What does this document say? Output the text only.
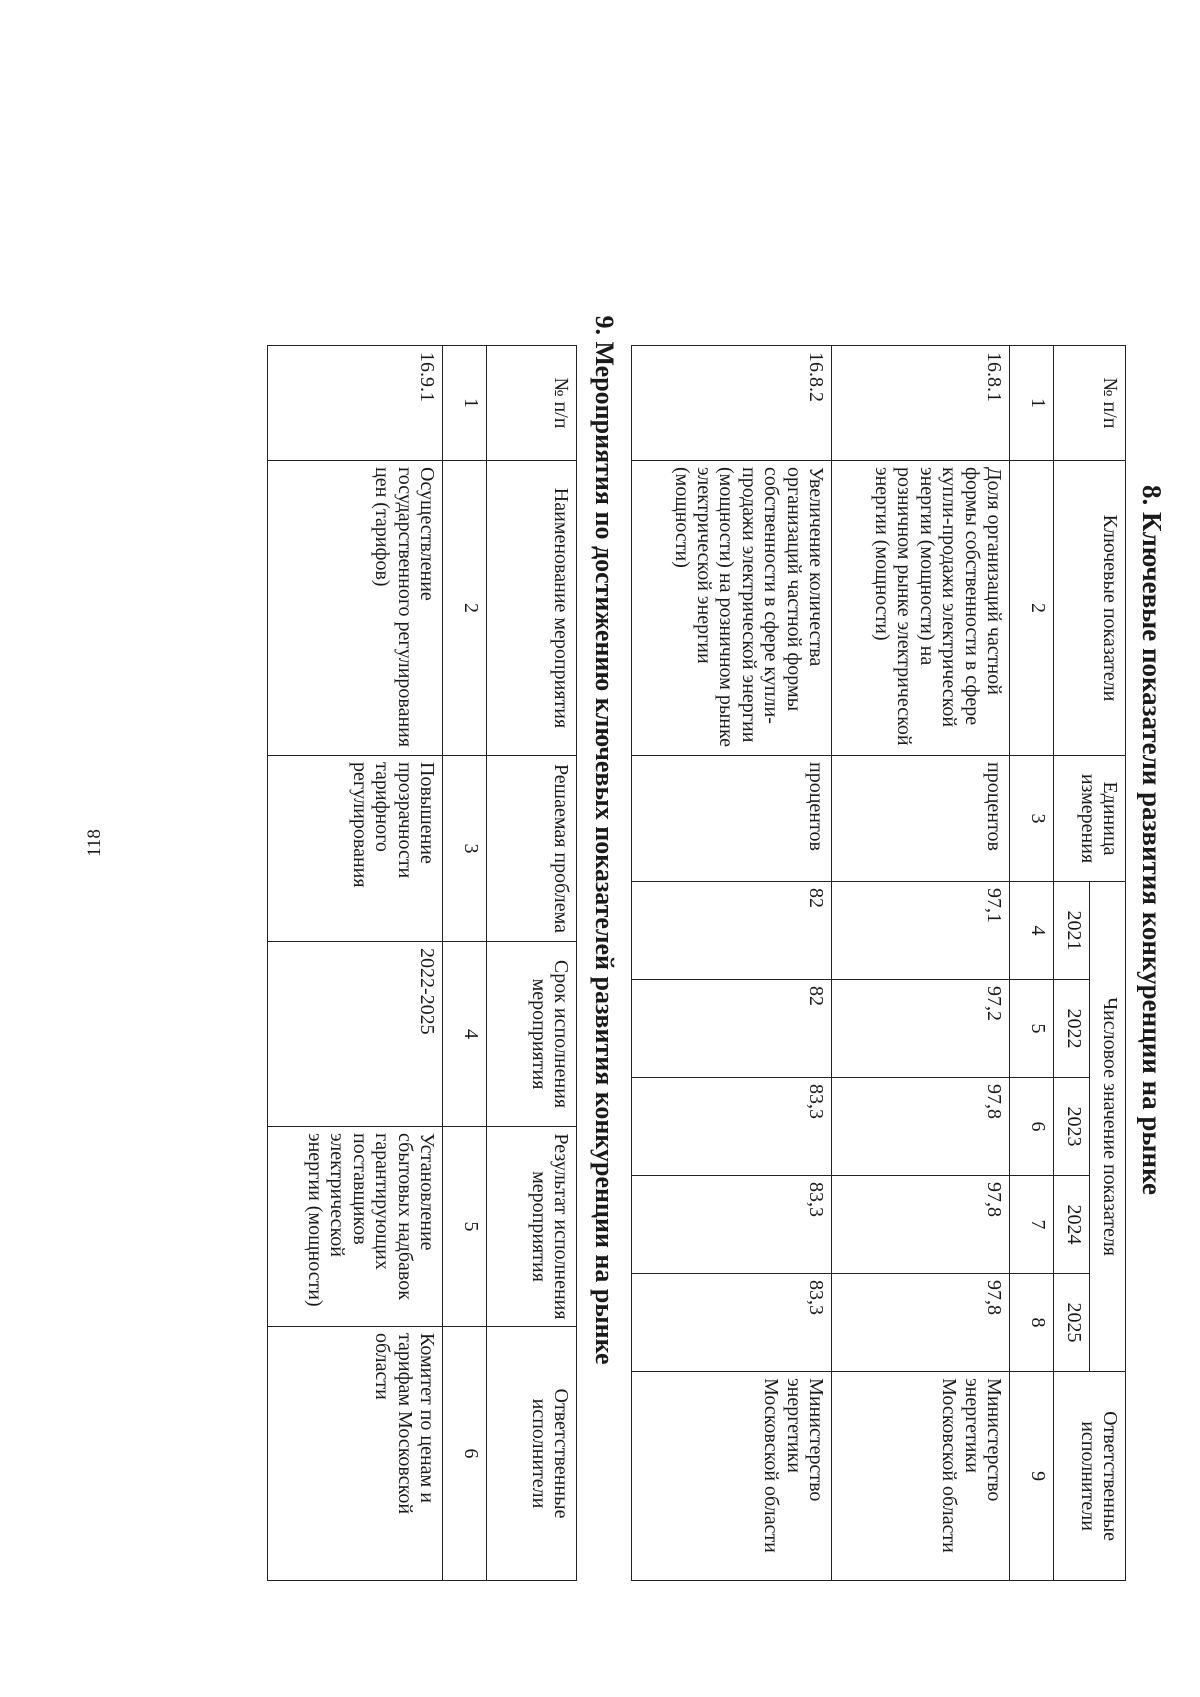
118	8. Ключевые показатели развития конкуренции на рынке
№ п/п	Ключевые показатели	Единица измерения	Числовое значение показателя					Ответственные исполнители
			2021	2022	2023	2024	2025	
1	2	3	4	5	6	7	8	9
16.8.1	Доля организаций частной формы собственности в сфере купли-продажи электрической энергии (мощности) на розничном рынке электрической энергии (мощности)	процентов	97,1	97,2	97,8	97,8	97,8	Министерство энергетики Московской области
16.8.2	Увеличение количества организаций частной формы собственности в сфере купли-продажи электрической энергии (мощности) на розничном рынке электрической энергии (мощности)	процентов	82	82	83,3	83,3	83,3	Министерство энергетики Московской области
9. Мероприятия по достижению ключевых показателей развития конкуренции на рынке
№ п/п	Наименование мероприятия	Решаемая проблема	Срок исполнения мероприятия	Результат исполнения мероприятия	Ответственные исполнители
1	2	3	4	5	6
16.9.1	Осуществление государственного регулирования цен (тарифов)	Повышение прозрачности тарифного регулирования	2022-2025	Установление сбытовых надбавок гарантирующих поставщиков электрической энергии (мощности)	Комитет по ценам и тарифам Московской области
